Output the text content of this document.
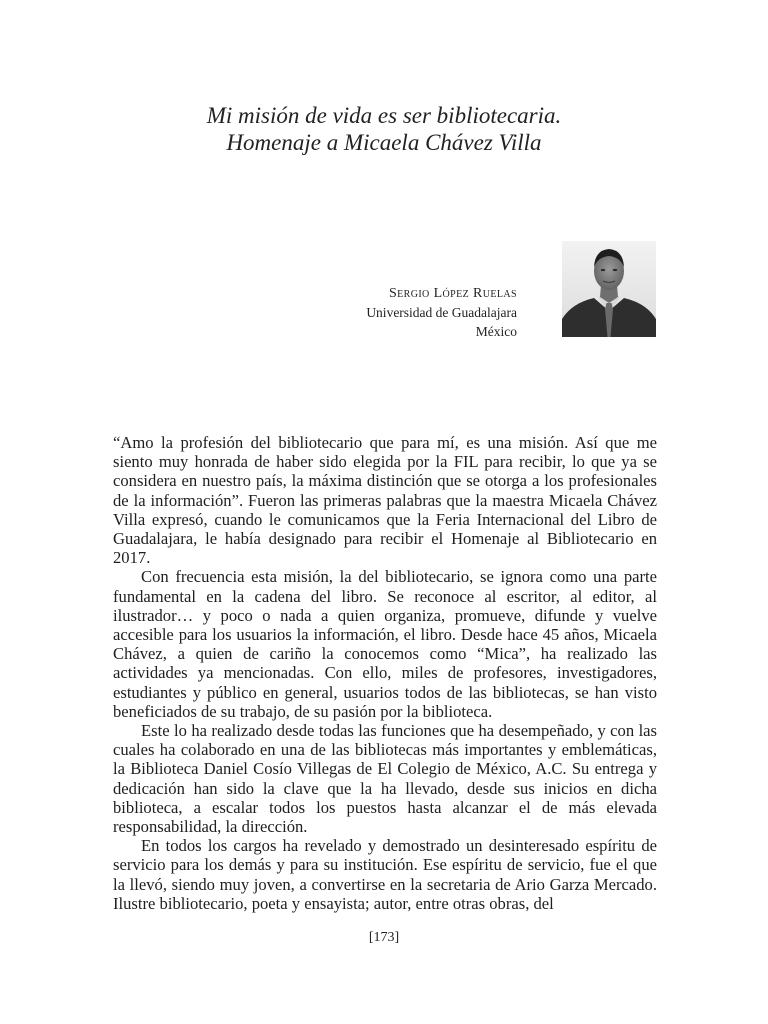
Mi misión de vida es ser bibliotecaria.
Homenaje a Micaela Chávez Villa
Sergio López Ruelas
Universidad de Guadalajara
México

“Amo la profesión del bibliotecario que para mí, es una misión. Así que me siento muy honrada de haber sido elegida por la FIL para recibir, lo que ya se considera en nuestro país, la máxima distinción que se otorga a los profesionales de la información”. Fueron las primeras palabras que la maestra Micaela Chávez Villa expresó, cuando le comunicamos que la Feria Internacional del Libro de Guadalajara, le había designado para recibir el Homenaje al Bibliotecario en 2017.

Con frecuencia esta misión, la del bibliotecario, se ignora como una parte fundamental en la cadena del libro. Se reconoce al escritor, al editor, al ilustrador… y poco o nada a quien organiza, promueve, difunde y vuelve accesible para los usuarios la información, el libro. Desde hace 45 años, Micaela Chávez, a quien de cariño la conocemos como “Mica”, ha realizado las actividades ya mencionadas. Con ello, miles de profesores, investigadores, estudiantes y público en general, usuarios todos de las bibliotecas, se han visto beneficiados de su trabajo, de su pasión por la biblioteca.

Este lo ha realizado desde todas las funciones que ha desempeñado, y con las cuales ha colaborado en una de las bibliotecas más importantes y emblemáticas, la Biblioteca Daniel Cosío Villegas de El Colegio de México, A.C. Su entrega y dedicación han sido la clave que la ha llevado, desde sus inicios en dicha biblioteca, a escalar todos los puestos hasta alcanzar el de más elevada responsabilidad, la dirección.

En todos los cargos ha revelado y demostrado un desinteresado espíritu de servicio para los demás y para su institución. Ese espíritu de servicio, fue el que la llevó, siendo muy joven, a convertirse en la secretaria de Ario Garza Mercado. Ilustre bibliotecario, poeta y ensayista; autor, entre otras obras, del

[173]
